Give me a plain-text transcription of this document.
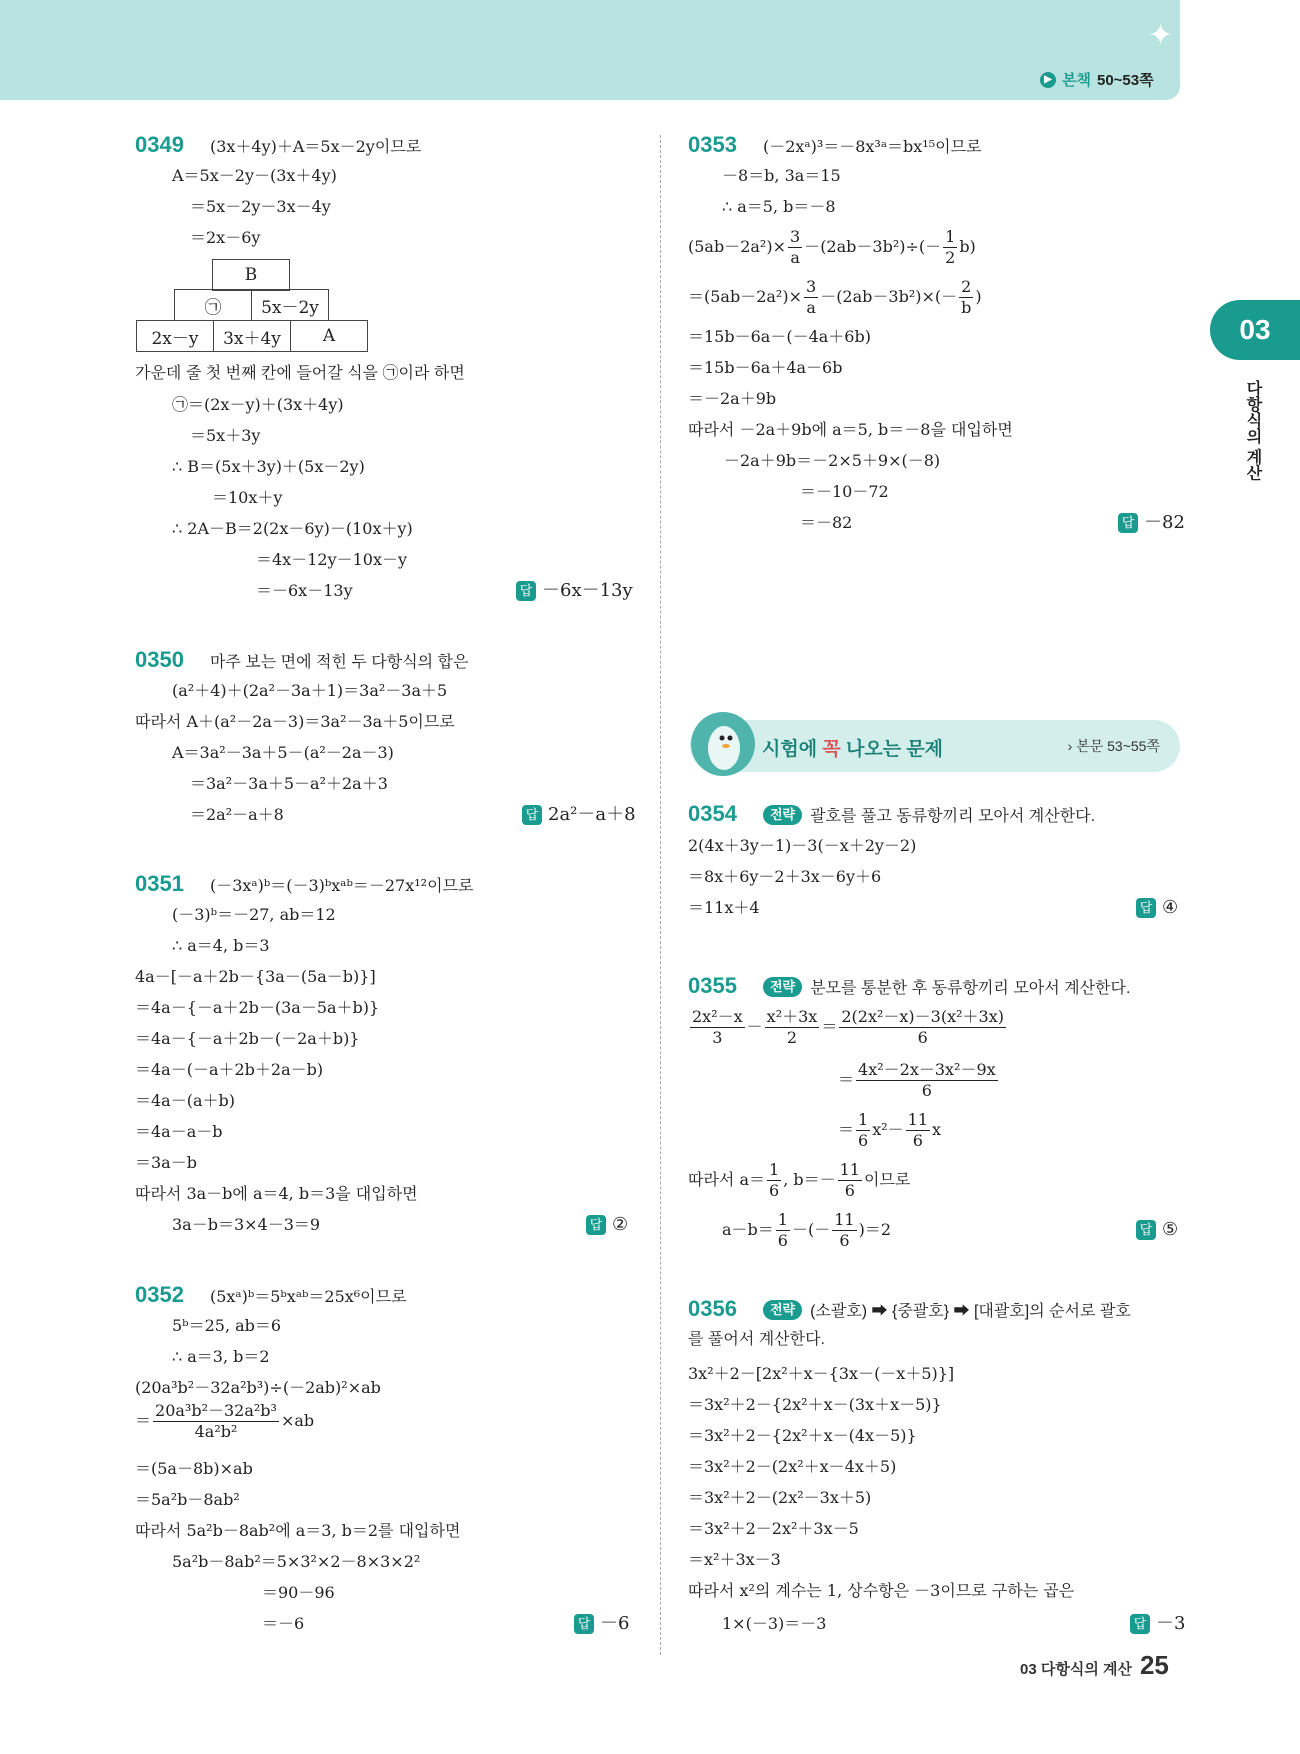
✦
▶ 본책 50~53쪽
03
다항식의 계산
0349 (3x＋4y)＋A＝5x－2y이므로
A＝5x－2y－(3x＋4y)
＝5x－2y－3x－4y
＝2x－6y
B
㉠	5x－2y
2x－y	3x＋4y	A
가운데 줄 첫 번째 칸에 들어갈 식을 ㉠이라 하면
㉠＝(2x－y)＋(3x＋4y)
＝5x＋3y
∴ B＝(5x＋3y)＋(5x－2y)
＝10x＋y
∴ 2A－B＝2(2x－6y)－(10x＋y)
＝4x－12y－10x－y
＝－6x－13y	답 －6x－13y
0350 마주 보는 면에 적힌 두 다항식의 합은
(a²＋4)＋(2a²－3a＋1)＝3a²－3a＋5
따라서 A＋(a²－2a－3)＝3a²－3a＋5이므로
A＝3a²－3a＋5－(a²－2a－3)
＝3a²－3a＋5－a²＋2a＋3
＝2a²－a＋8	답 2a²－a＋8
0351 (－3xᵃ)ᵇ＝(－3)ᵇxᵃᵇ＝－27x¹²이므로
(－3)ᵇ＝－27, ab＝12
∴ a＝4, b＝3
4a－[－a＋2b－{3a－(5a－b)}]
＝4a－{－a＋2b－(3a－5a＋b)}
＝4a－{－a＋2b－(－2a＋b)}
＝4a－(－a＋2b＋2a－b)
＝4a－(a＋b)
＝4a－a－b
＝3a－b
따라서 3a－b에 a＝4, b＝3을 대입하면
3a－b＝3×4－3＝9	답 ②
0352 (5xᵃ)ᵇ＝5ᵇxᵃᵇ＝25x⁶이므로
5ᵇ＝25, ab＝6
∴ a＝3, b＝2
(20a³b²－32a²b³)÷(－2ab)²×ab
＝ $\frac{\text{20a³b²－32a²b³}}{\text{4a²b²}} \times ab$
＝(5a－8b)×ab
＝5a²b－8ab²
따라서 5a²b－8ab²에 a＝3, b＝2를 대입하면
5a²b－8ab²＝5×3²×2－8×3×2²
＝90－96
＝－6	답 －6
0353 (－2xᵃ)³＝－8x³ᵃ＝bx¹⁵이므로
－8＝b, 3a＝15
∴ a＝5, b＝－8
$(5ab-2a^2)\times \frac{3}{a} -(2ab-3b^2)\div(- \frac{1}{2} b)$
$=(5ab-2a^2)\times \frac{3}{a} -(2ab-3b^2)\times(- \frac{2}{b}$ )
＝15b－6a－(－4a＋6b)
＝15b－6a＋4a－6b
＝－2a＋9b
따라서 －2a＋9b에 a＝5, b＝－8을 대입하면
－2a＋9b＝－2×5＋9×(－8)
＝－10－72
＝－82	답 －82
시험에 꼭 나오는 문제	› 본문 53~55쪽
0354	전략 괄호를 풀고 동류항끼리 모아서 계산한다.
2(4x＋3y－1)－3(－x＋2y－2)
＝8x＋6y－2＋3x－6y＋6
＝11x＋4	답 ④
0355	전략 분모를 통분한 후 동류항끼리 모아서 계산한다.
$\frac{\text{2x²－x}}{3} - \frac{\text{x²＋3x}}{2} = \frac{\text{2(2x²－x)－3(x²＋3x)}}{6}$
＝ $\frac{\text{4x²－2x－3x²－9x}}{6}$
＝ $\frac{1}{6} x^2- \frac{11}{6}$ x
따라서 $a= \frac{1}{6}$ , $b=- \frac{11}{6}$ 이므로
$a-b= \frac{1}{6}$ －(－ $\frac{11}{6} )=2$	답 ⑤
0356	전략 (소괄호) ➡ {중괄호} ➡ [대괄호]의 순서로 괄호
를 풀어서 계산한다.
3x²＋2－[2x²＋x－{3x－(－x＋5)}]
＝3x²＋2－{2x²＋x－(3x＋x－5)}
＝3x²＋2－{2x²＋x－(4x－5)}
＝3x²＋2－(2x²＋x－4x＋5)
＝3x²＋2－(2x²－3x＋5)
＝3x²＋2－2x²＋3x－5
＝x²＋3x－3
따라서 x²의 계수는 1, 상수항은 －3이므로 구하는 곱은
1×(－3)＝－3	답 －3
03 다항식의 계산 25
